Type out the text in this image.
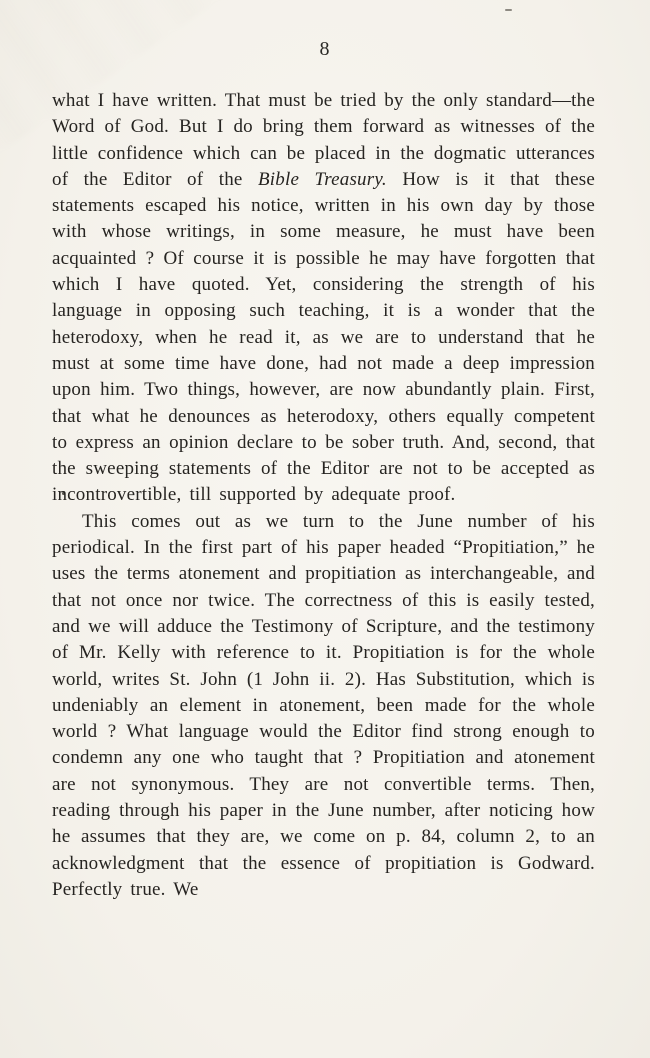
8

what I have written. That must be tried by the only standard—the Word of God. But I do bring them forward as witnesses of the little confidence which can be placed in the dogmatic utterances of the Editor of the Bible Treasury. How is it that these statements escaped his notice, written in his own day by those with whose writings, in some measure, he must have been acquainted ? Of course it is possible he may have forgotten that which I have quoted. Yet, considering the strength of his language in opposing such teaching, it is a wonder that the heterodoxy, when he read it, as we are to understand that he must at some time have done, had not made a deep impression upon him. Two things, however, are now abundantly plain. First, that what he denounces as heterodoxy, others equally competent to express an opinion declare to be sober truth. And, second, that the sweeping statements of the Editor are not to be accepted as incontrovertible, till supported by adequate proof.

This comes out as we turn to the June number of his periodical. In the first part of his paper headed “Propitiation,” he uses the terms atonement and propitiation as interchangeable, and that not once nor twice. The correctness of this is easily tested, and we will adduce the Testimony of Scripture, and the testimony of Mr. Kelly with reference to it. Propitiation is for the whole world, writes St. John (1 John ii. 2). Has Substitution, which is undeniably an element in atonement, been made for the whole world ? What language would the Editor find strong enough to condemn any one who taught that ? Propitiation and atonement are not synonymous. They are not convertible terms. Then, reading through his paper in the June number, after noticing how he assumes that they are, we come on p. 84, column 2, to an acknowledgment that the essence of propitiation is Godward. Perfectly true. We
